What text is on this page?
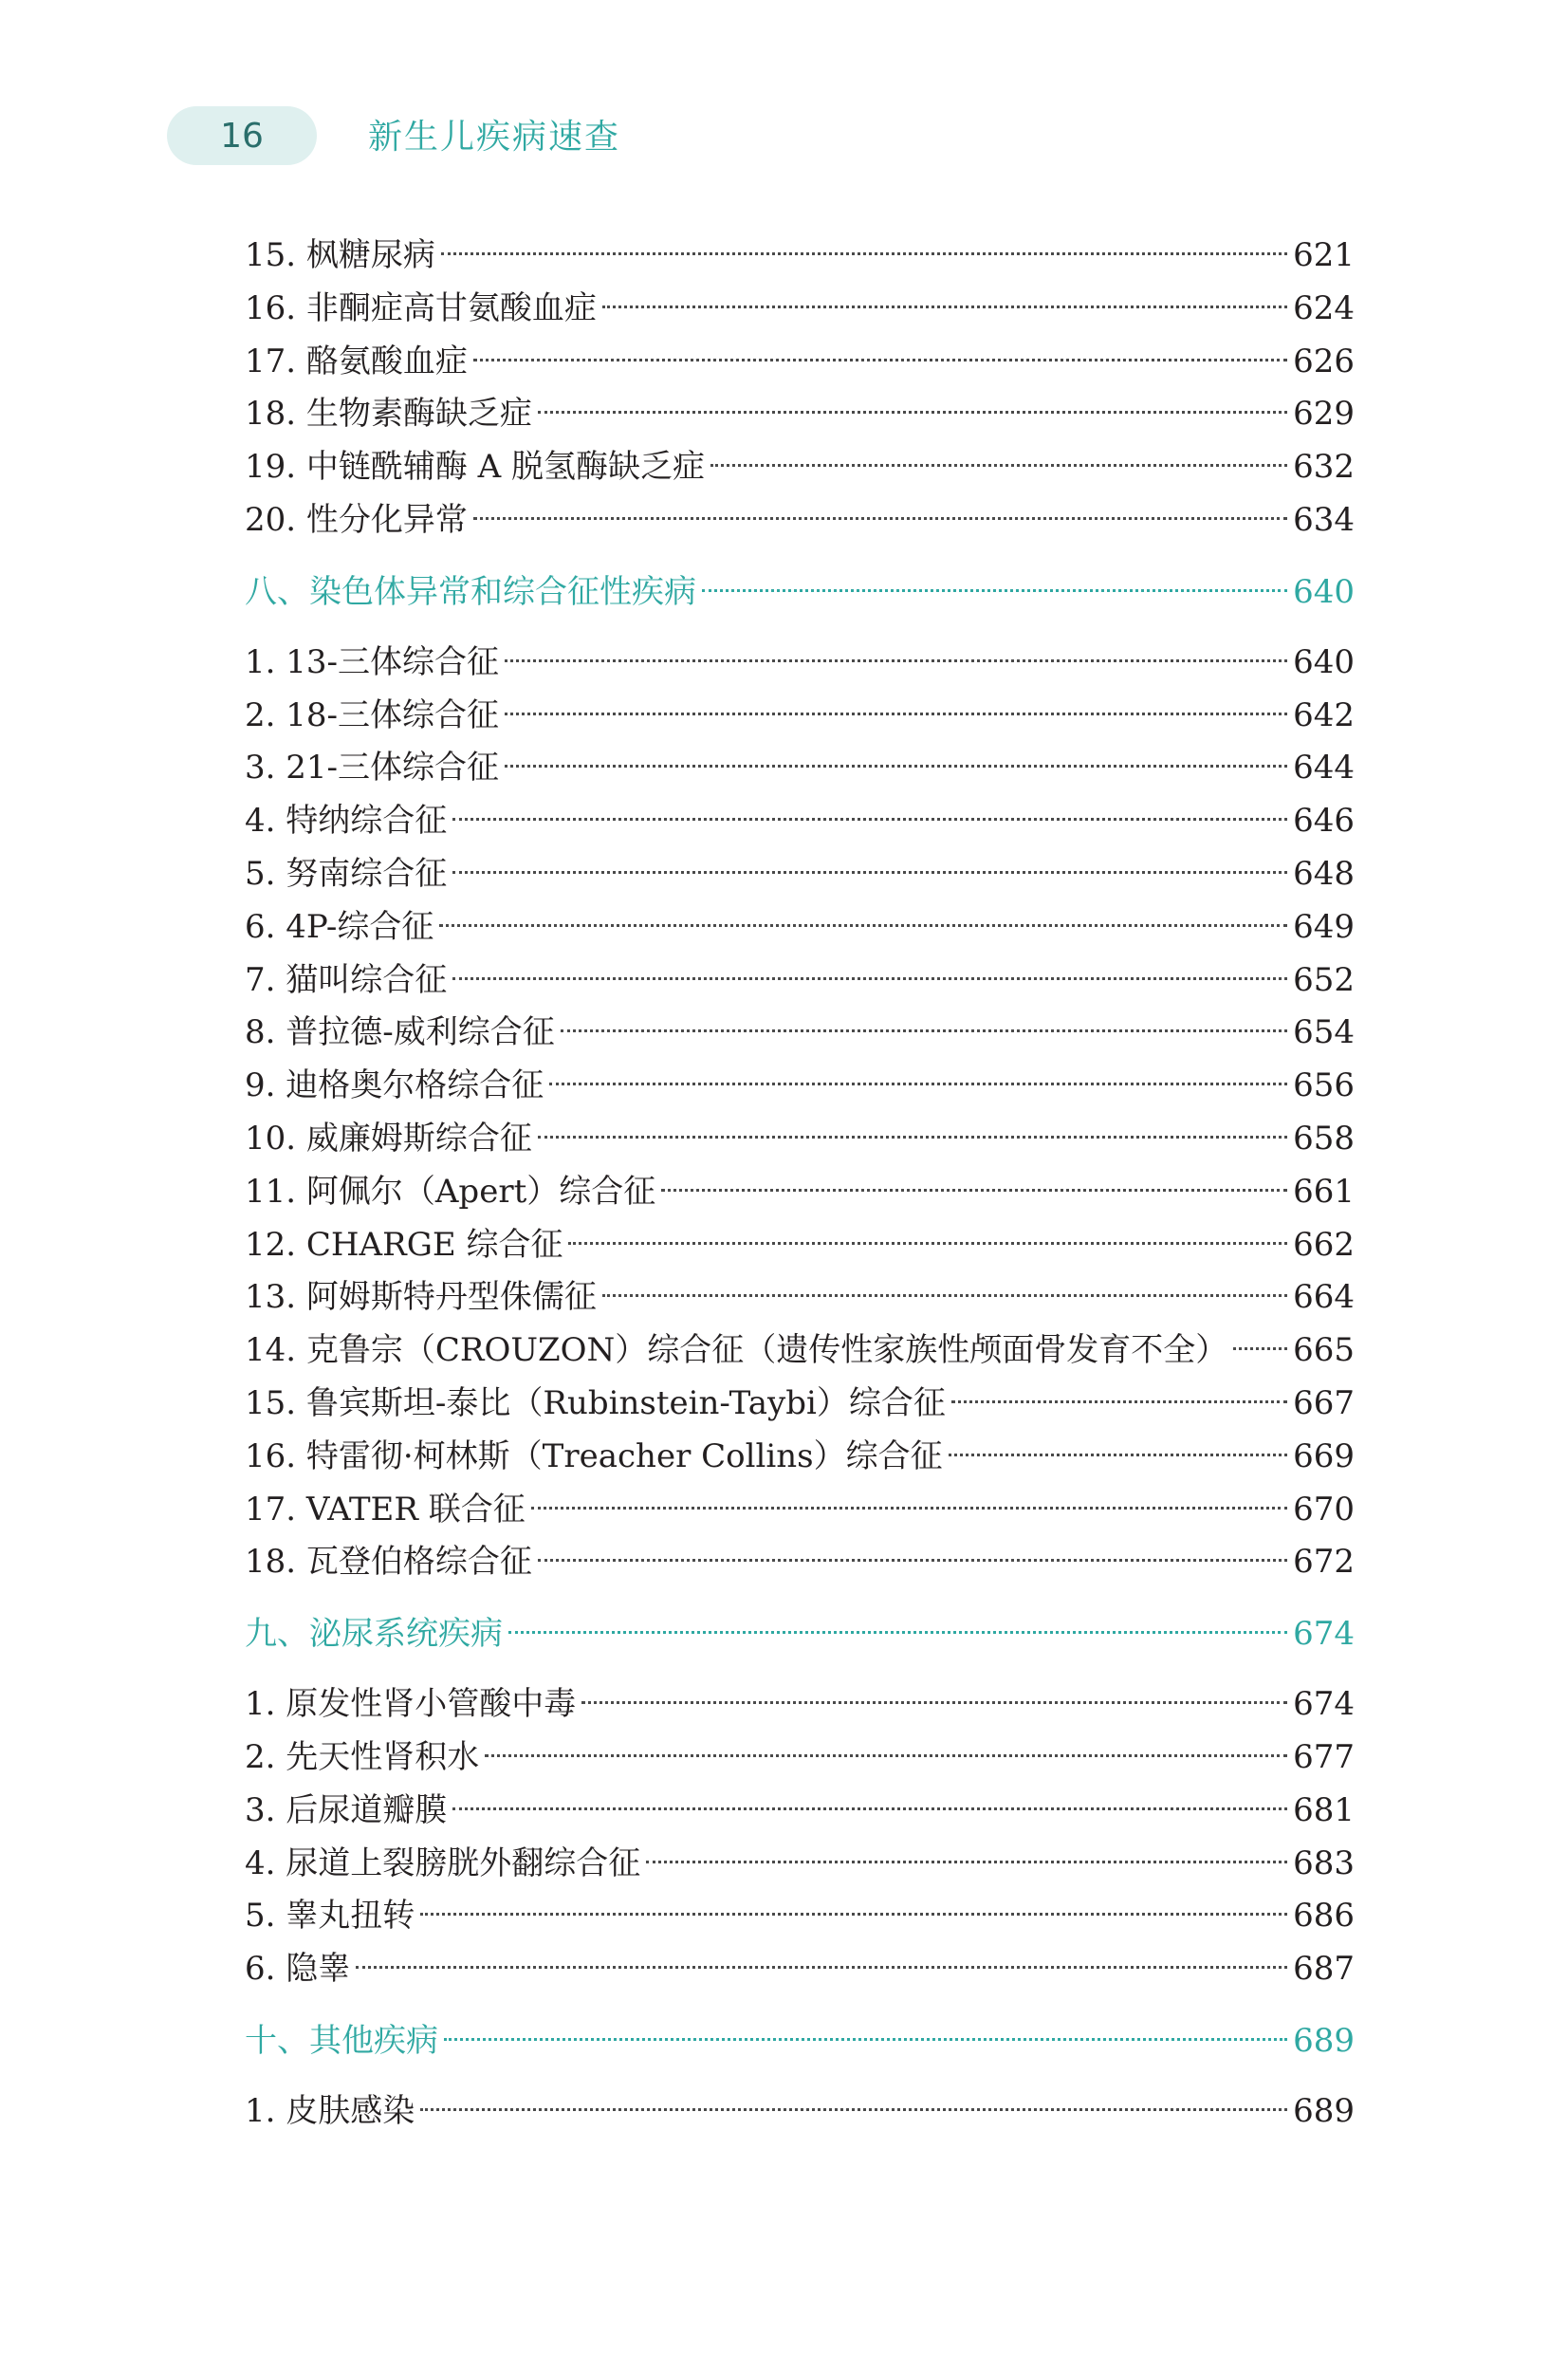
16	新生儿疾病速查
15. 枫糖尿病	621
16. 非酮症高甘氨酸血症	624
17. 酪氨酸血症	626
18. 生物素酶缺乏症	629
19. 中链酰辅酶 A 脱氢酶缺乏症	632
20. 性分化异常	634
八、染色体异常和综合征性疾病	640
1. 13-三体综合征	640
2. 18-三体综合征	642
3. 21-三体综合征	644
4. 特纳综合征	646
5. 努南综合征	648
6. 4P-综合征	649
7. 猫叫综合征	652
8. 普拉德-威利综合征	654
9. 迪格奥尔格综合征	656
10. 威廉姆斯综合征	658
11. 阿佩尔（Apert）综合征	661
12. CHARGE 综合征	662
13. 阿姆斯特丹型侏儒征	664
14. 克鲁宗（CROUZON）综合征（遗传性家族性颅面骨发育不全） 665
15. 鲁宾斯坦-泰比（Rubinstein-Taybi）综合征	667
16. 特雷彻·柯林斯（Treacher Collins）综合征	669
17. VATER 联合征	670
18. 瓦登伯格综合征	672
九、泌尿系统疾病	674
1. 原发性肾小管酸中毒	674
2. 先天性肾积水	677
3. 后尿道瓣膜	681
4. 尿道上裂膀胱外翻综合征	683
5. 睾丸扭转	686
6. 隐睾	687
十、其他疾病	689
1. 皮肤感染	689
